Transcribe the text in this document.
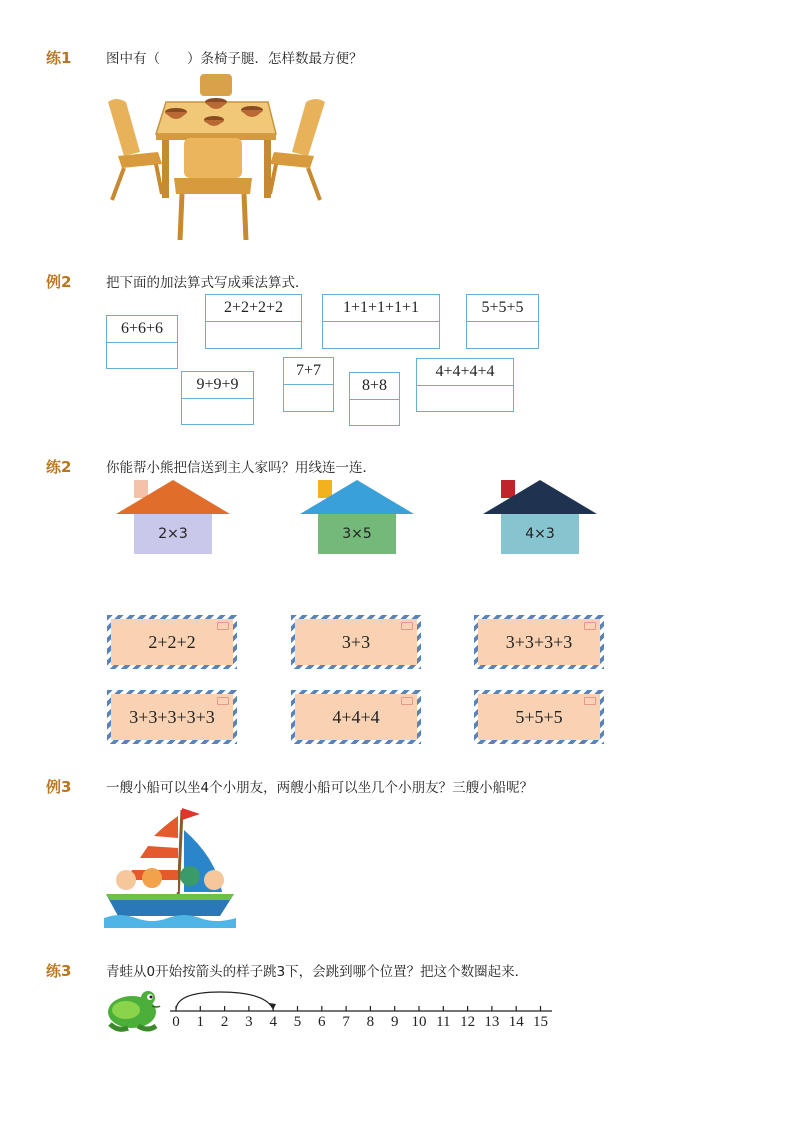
练1	图中有（　　）条椅子腿．怎样数最方便？
例2	把下面的加法算式写成乘法算式．
6+6+6
2+2+2+2	1+1+1+1+1	5+5+5
9+9+9
7+7
8+8
4+4+4+4
练2	你能帮小熊把信送到主人家吗？用线连一连．
2×3	3×5	4×3
2+2+2	3+3	3+3+3+3
3+3+3+3+3	4+4+4	5+5+5
例3	一艘小船可以坐4个小朋友，两艘小船可以坐几个小朋友？三艘小船呢？
练3	青蛙从0开始按箭头的样子跳3下，会跳到哪个位置？把这个数圈起来．
0	1	2	3	4	5	6	7	8	9 10 11 12 13 14 15
